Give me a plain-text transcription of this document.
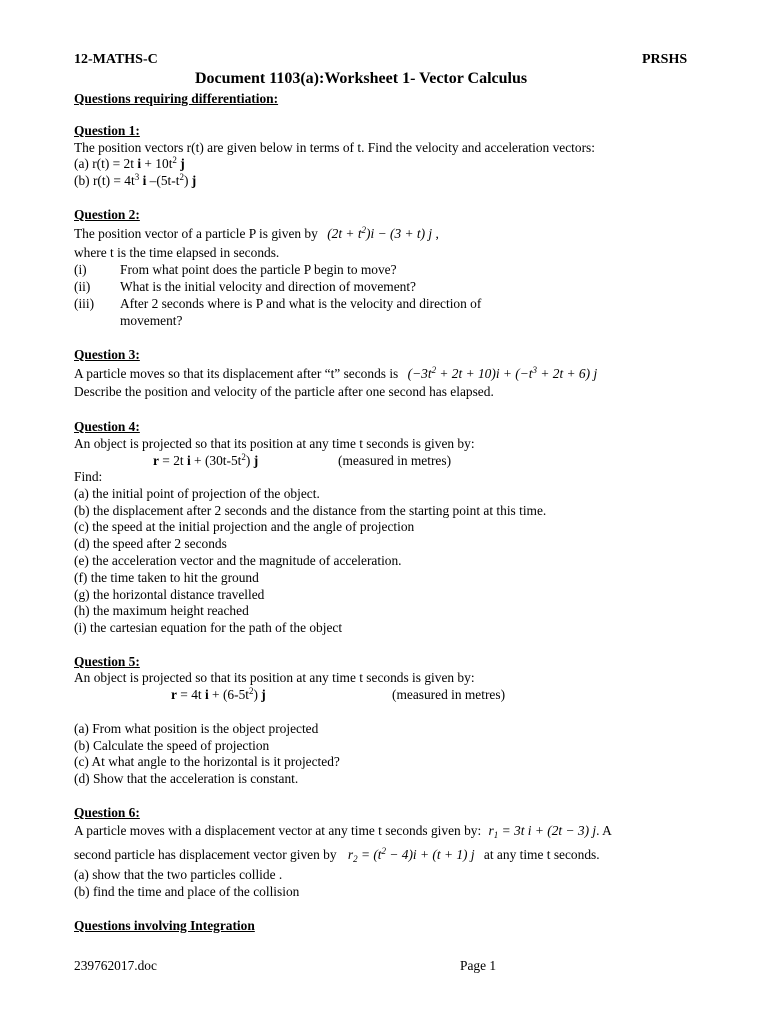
12-MATHS-C	PRSHS
Document 1103(a):Worksheet 1- Vector Calculus
Questions requiring differentiation:
Question 1:
The position vectors r(t) are given below in terms of t. Find the velocity and acceleration vectors:
(a) r(t) = 2t $i + 10t^2$ j
(b) $r(t) = 4t^3$ i $-(5t-t^2)$ j
Question 2:
The position vector of a particle P is given by $(2t + t^2)i - (3 + t)$ j ,
where t is the time elapsed in seconds.
(i) From what point does the particle P begin to move?
(ii) What is the initial velocity and direction of movement?
(iii) After 2 seconds where is P and what is the velocity and direction of
movement?
Question 3:
A particle moves so that its displacement after “t” seconds is $(-3t^2 + 2t + 10)i + (-t^3 + 2t + 6)$ j
Describe the position and velocity of the particle after one second has elapsed.
Question 4:
An object is projected so that its position at any time t seconds is given by:
r = 2t $i + (30t-5t^2)$ j	(measured in metres)
Find:
(a) the initial point of projection of the object.
(b) the displacement after 2 seconds and the distance from the starting point at this time.
(c) the speed at the initial projection and the angle of projection
(d) the speed after 2 seconds
(e) the acceleration vector and the magnitude of acceleration.
(f) the time taken to hit the ground
(g) the horizontal distance travelled
(h) the maximum height reached
(i) the cartesian equation for the path of the object
Question 5:
An object is projected so that its position at any time t seconds is given by:
r = 4t $i + (6-5t^2)$ j	(measured in metres)
(a) From what position is the object projected
(b) Calculate the speed of projection
(c) At what angle to the horizontal is it projected?
(d) Show that the acceleration is constant.
Question 6:
A particle moves with a displacement vector at any time t seconds given by: $r_1 = 3t$ i + (2t − 3) j. A
second particle has displacement vector given by $r_2 = (t^2 - 4)i + (t + 1)$ j at any time t seconds.
(a) show that the two particles collide .
(b) find the time and place of the collision
Questions involving Integration
239762017.doc	Page 1
